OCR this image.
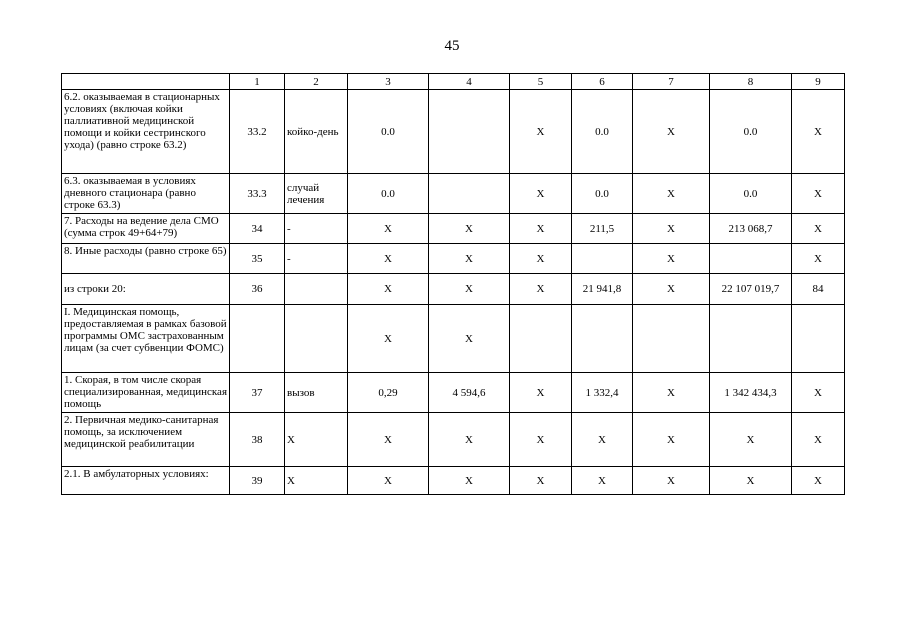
45
	1	2	3	4	5	6	7	8	9
6.2. оказываемая в стационарных условиях (включая койки паллиативной медицинской помощи и койки сестринского ухода) (равно строке 63.2)	33.2	койко-день	0.0		X	0.0	X	0.0	X
6.3. оказываемая в условиях дневного стационара (равно строке 63.3)	33.3	случай лечения	0.0		X	0.0	X	0.0	X
7. Расходы на ведение дела СМО (сумма строк 49+64+79)	34	-	X	X	X	211,5	X	213 068,7	X
8. Иные расходы (равно строке 65)	35	-	X	X	X		X		X
из строки 20:	36		X	X	X	21 941,8	X	22 107 019,7	84
I. Медицинская помощь, предоставляемая в рамках базовой программы ОМС застрахованным лицам (за счет субвенции ФОМС)			X	X					
1. Скорая, в том числе скорая специализированная, медицинская помощь	37	вызов	0,29	4 594,6	X	1 332,4	X	1 342 434,3	X
2. Первичная медико-санитарная помощь, за исключением медицинской реабилитации	38	X	X	X	X	X	X	X	X
2.1. В амбулаторных условиях:	39	X	X	X	X	X	X	X	X
